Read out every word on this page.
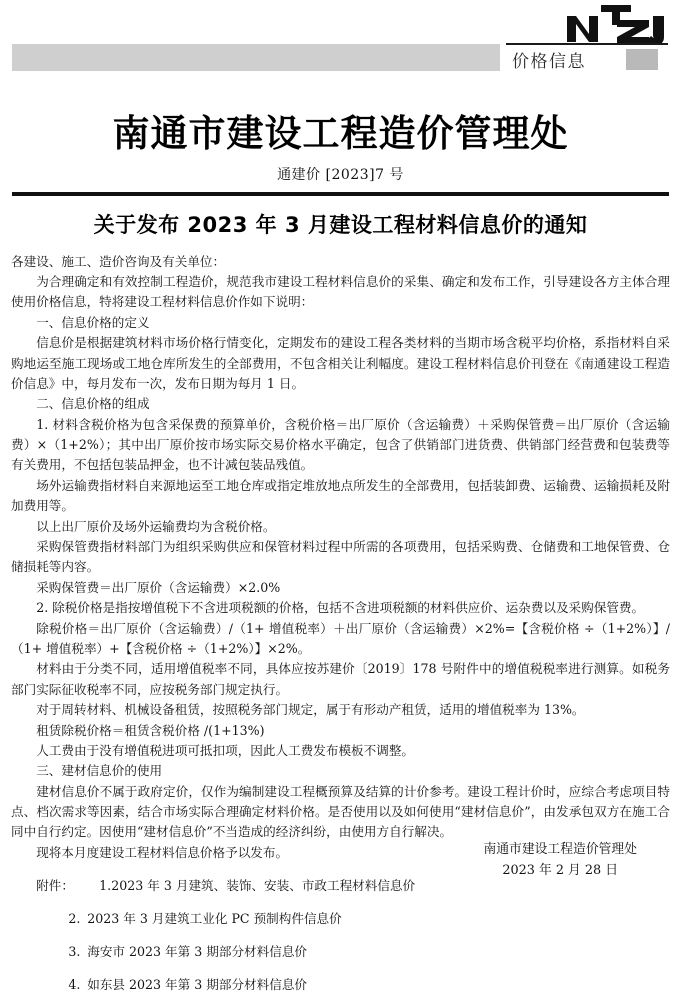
价格信息
南通市建设工程造价管理处
通建价 [2023]7 号
关于发布 2023 年 3 月建设工程材料信息价的通知

各建设、施工、造价咨询及有关单位：

为合理确定和有效控制工程造价，规范我市建设工程材料信息价的采集、确定和发布工作，引导建设各方主体合理使用价格信息，特将建设工程材料信息价作如下说明：

一、信息价格的定义

信息价是根据建筑材料市场价格行情变化，定期发布的建设工程各类材料的当期市场含税平均价格，系指材料自采购地运至施工现场或工地仓库所发生的全部费用，不包含相关让利幅度。建设工程材料信息价刊登在《南通建设工程造价信息》中，每月发布一次，发布日期为每月 1 日。

二、信息价格的组成

1. 材料含税价格为包含采保费的预算单价，含税价格＝出厂原价（含运输费）＋采购保管费＝出厂原价（含运输费）×（1+2%）；其中出厂原价按市场实际交易价格水平确定，包含了供销部门进货费、供销部门经营费和包装费等有关费用，不包括包装品押金，也不计减包装品残值。

场外运输费指材料自来源地运至工地仓库或指定堆放地点所发生的全部费用，包括装卸费、运输费、运输损耗及附加费用等。

以上出厂原价及场外运输费均为含税价格。

采购保管费指材料部门为组织采购供应和保管材料过程中所需的各项费用，包括采购费、仓储费和工地保管费、仓储损耗等内容。

采购保管费＝出厂原价（含运输费）×2.0%

2. 除税价格是指按增值税下不含进项税额的价格，包括不含进项税额的材料供应价、运杂费以及采购保管费。

除税价格＝出厂原价（含运输费）/（1+ 增值税率）＋出厂原价（含运输费）×2%=【含税价格 ÷（1+2%）】/（1+ 增值税率）+【含税价格 ÷（1+2%）】×2%。

材料由于分类不同，适用增值税率不同，具体应按苏建价〔2019〕178 号附件中的增值税税率进行测算。如税务部门实际征收税率不同，应按税务部门规定执行。

对于周转材料、机械设备租赁，按照税务部门规定，属于有形动产租赁，适用的增值税率为 13%。

租赁除税价格＝租赁含税价格 /(1+13%)

人工费由于没有增值税进项可抵扣项，因此人工费发布模板不调整。

三、建材信息价的使用

建材信息价不属于政府定价，仅作为编制建设工程概预算及结算的计价参考。建设工程计价时，应综合考虑项目特点、档次需求等因素，结合市场实际合理确定材料价格。是否使用以及如何使用“建材信息价”，由发承包双方在施工合同中自行约定。因使用“建材信息价”不当造成的经济纠纷，由使用方自行解决。

现将本月度建设工程材料信息价格予以发布。

附件： 1.2023 年 3 月建筑、装饰、安装、市政工程材料信息价

2. 2023 年 3 月建筑工业化 PC 预制构件信息价

3. 海安市 2023 年第 3 期部分材料信息价

4. 如东县 2023 年第 3 期部分材料信息价

南通市建设工程造价管理处
2023 年 2 月 28 日
